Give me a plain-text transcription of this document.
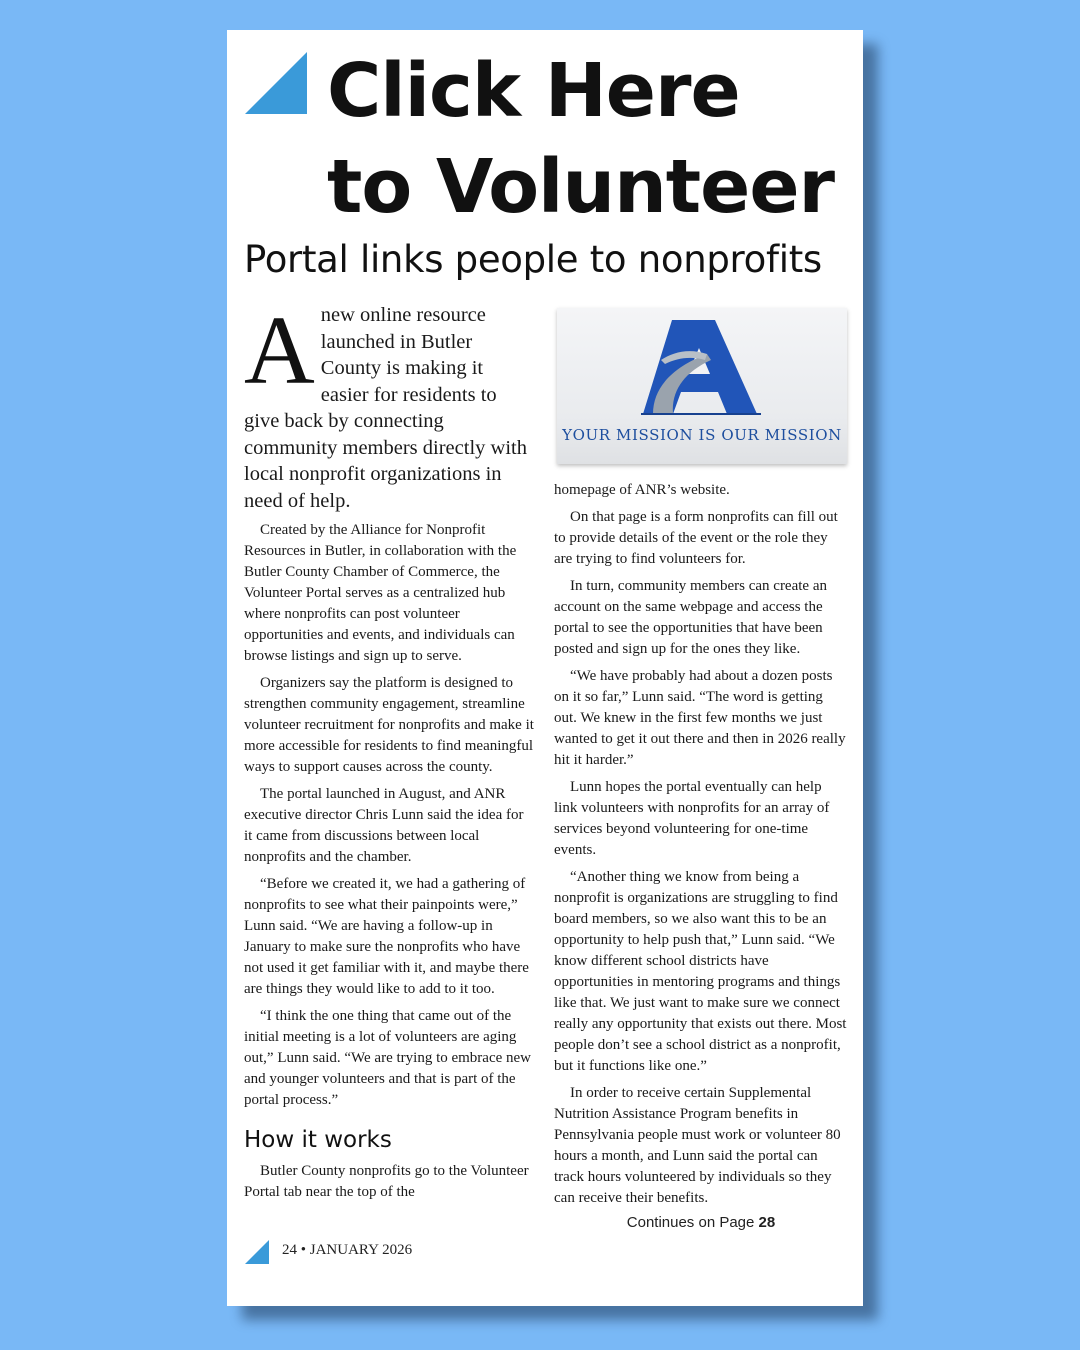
Click Here
to Volunteer
Portal links people to nonprofits
Anew online resource launched in Butler County is making it easier for residents to give back by connecting community members directly with local nonprofit organizations in need of help.

Created by the Alliance for Nonprofit Resources in Butler, in collaboration with the Butler County Chamber of Commerce, the Volunteer Portal serves as a centralized hub where nonprofits can post volunteer opportunities and events, and individuals can browse listings and sign up to serve.

Organizers say the platform is designed to strengthen community engagement, streamline volunteer recruitment for nonprofits and make it more accessible for residents to find meaningful ways to support causes across the county.

The portal launched in August, and ANR executive director Chris Lunn said the idea for it came from discussions between local nonprofits and the chamber.

“Before we created it, we had a gathering of nonprofits to see what their painpoints were,” Lunn said. “We are having a follow-up in January to make sure the nonprofits who have not used it get familiar with it, and maybe there are things they would like to add to it too.

“I think the one thing that came out of the initial meeting is a lot of volunteers are aging out,” Lunn said. “We are trying to embrace new and younger volunteers and that is part of the portal process.”

How it works

Butler County nonprofits go to the Volunteer Portal tab near the top of the

YOUR MISSION IS OUR MISSION

homepage of ANR’s website.

On that page is a form nonprofits can fill out to provide details of the event or the role they are trying to find volunteers for.

In turn, community members can create an account on the same webpage and access the portal to see the opportunities that have been posted and sign up for the ones they like.

“We have probably had about a dozen posts on it so far,” Lunn said. “The word is getting out. We knew in the first few months we just wanted to get it out there and then in 2026 really hit it harder.”

Lunn hopes the portal eventually can help link volunteers with nonprofits for an array of services beyond volunteering for one-time events.

“Another thing we know from being a nonprofit is organizations are struggling to find board members, so we also want this to be an opportunity to help push that,” Lunn said. “We know different school districts have opportunities in mentoring programs and things like that. We just want to make sure we connect really any opportunity that exists out there. Most people don’t see a school district as a nonprofit, but it functions like one.”

In order to receive certain Supplemental Nutrition Assistance Program benefits in Pennsylvania people must work or volunteer 80 hours a month, and Lunn said the portal can track hours volunteered by individuals so they can receive their benefits.

Continues on Page 28
24 • JANUARY 2026
